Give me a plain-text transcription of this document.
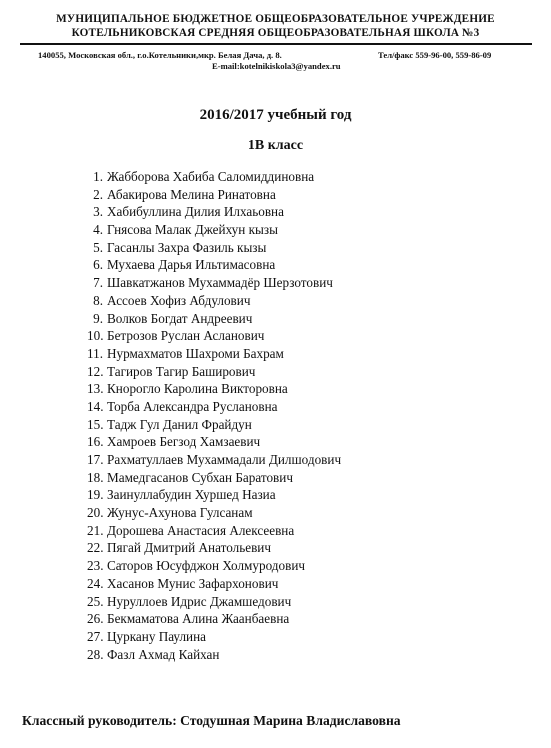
МУНИЦИПАЛЬНОЕ БЮДЖЕТНОЕ ОБЩЕОБРАЗОВАТЕЛЬНОЕ УЧРЕЖДЕНИЕ
КОТЕЛЬНИКОВСКАЯ СРЕДНЯЯ ОБЩЕОБРАЗОВАТЕЛЬНАЯ ШКОЛА №3
140055, Московская обл., г.о.Котельники,мкр. Белая Дача, д. 8.	Тел/факс 559-96-00, 559-86-09
E-mail:kotelnikiskola3@yandex.ru
2016/2017 учебный год
1В класс
1. Жабборова Хабиба Саломиддиновна
2. Абакирова Мелина Ринатовна
3. Хабибуллина Дилия Илхаьовна
4. Гнясова Малак Джейхун кызы
5. Гасанлы Захра Фазиль кызы
6. Мухаева Дарья Ильтимасовна
7. Шавкатжанов Мухаммадёр Шерзотович
8. Ассоев Хофиз Абдулович
9. Волков Богдат Андреевич
10. Бетрозов Руслан Асланович
11. Нурмахматов Шахроми Бахрам
12. Тагиров Тагир Баширович
13. Кнорогло Каролина Викторовна
14. Торба Александра Руслановна
15. Тадж Гул Данил Фрайдун
16. Хамроев Бегзод Хамзаевич
17. Рахматуллаев Мухаммадали Дилшодович
18. Мамедгасанов Субхан Баратович
19. Заинуллабудин Хуршед Назиа
20. Жунус-Ахунова Гулсанам
21. Дорошева Анастасия Алексеевна
22. Пягай Дмитрий Анатольевич
23. Саторов Юсуфджон Холмуродович
24. Хасанов Мунис Зафархонович
25. Нуруллоев Идрис Джамшедович
26. Бекмаматова Алина Жаанбаевна
27. Цуркану Паулина
28. Фазл Ахмад Кайхан
Классный руководитель: Стодушная Марина Владиславовна
